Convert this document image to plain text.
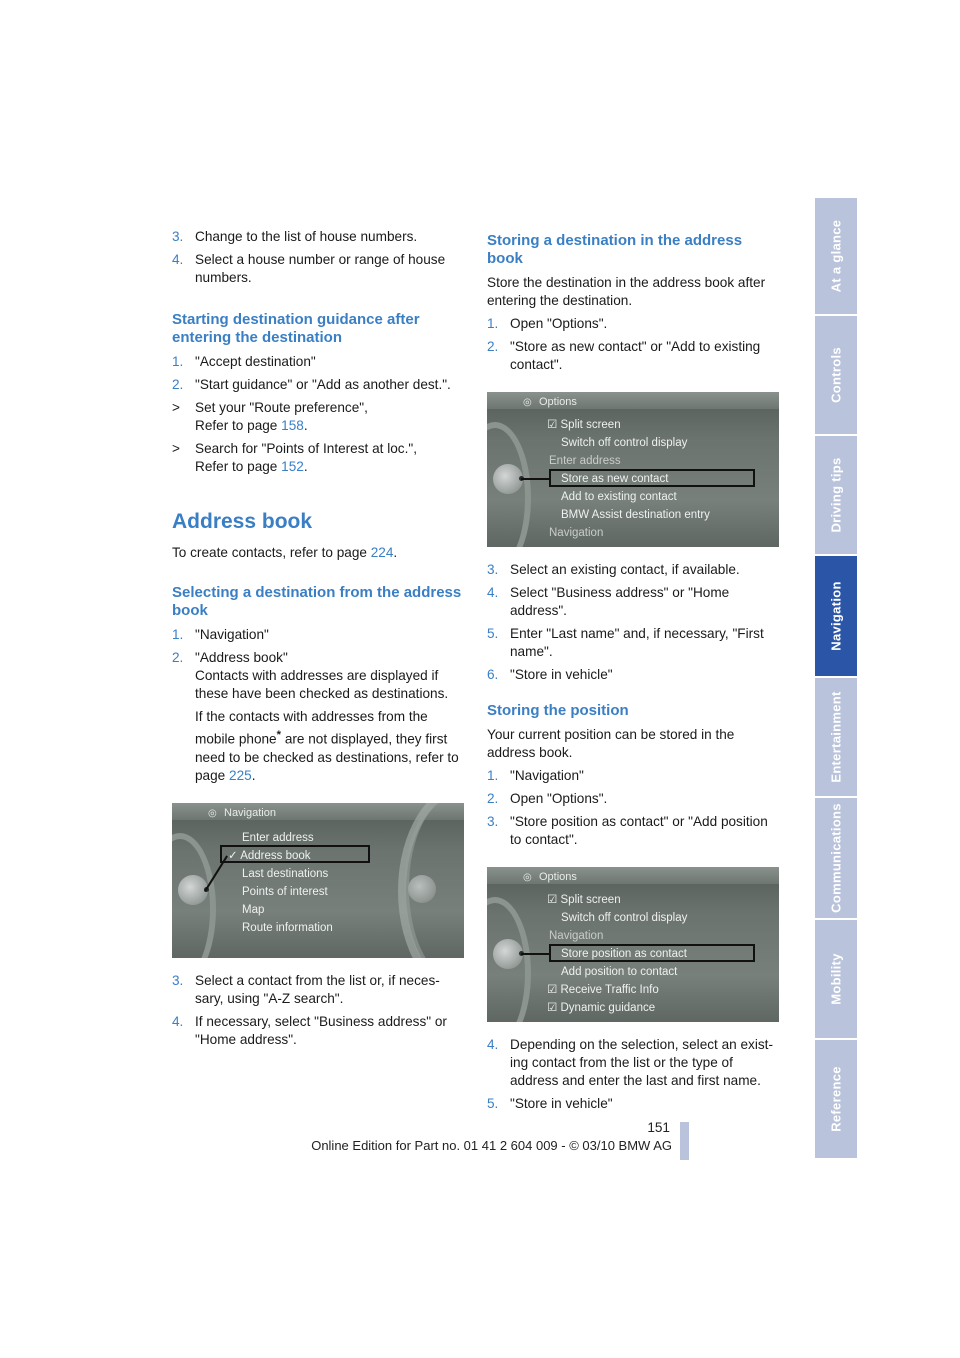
3. Change to the list of house numbers.
4. Select a house number or range of house numbers.
Starting destination guidance after entering the destination
1. "Accept destination"
2. "Start guidance" or "Add as another dest.".
>	Set your "Route preference",
Refer to page 158.
>	Search for "Points of Interest at loc.",
Refer to page 152.
Address book

To create contacts, refer to page 224.

Selecting a destination from the address book
1. "Navigation"
2. "Address book"
Contacts with addresses are displayed if these have been checked as destinations.
If the contacts with addresses from the mobile phone* are not displayed, they first need to be checked as destinations, refer to page 225.
◎ Navigation
Enter address
✓ Address book
Last destinations
Points of interest
Map
Route information
3. Select a contact from the list or, if neces-sary, using "A-Z search".
4. If necessary, select "Business address" or "Home address".
Storing a destination in the address book

Store the destination in the address book after entering the destination.

1. Open "Options".
2. "Store as new contact" or "Add to existing contact".
◎ Options
☑ Split screen
Switch off control display
Enter address
Store as new contact
Add to existing contact
BMW Assist destination entry
Navigation
3. Select an existing contact, if available.
4. Select "Business address" or "Home address".
5. Enter "Last name" and, if necessary, "First name".
6. "Store in vehicle"
Storing the position

Your current position can be stored in the address book.

1. "Navigation"
2. Open "Options".
3. "Store position as contact" or "Add position to contact".
◎ Options
☑ Split screen
Switch off control display
Navigation
Store position as contact
Add position to contact
☑ Receive Traffic Info
☑ Dynamic guidance
4. Depending on the selection, select an exist-ing contact from the list or the type of address and enter the last and first name.
5. "Store in vehicle"
At a glance
Controls
Driving tips
Navigation
Entertainment
Communications
Mobility
Reference
151
Online Edition for Part no. 01 41 2 604 009 - © 03/10 BMW AG
